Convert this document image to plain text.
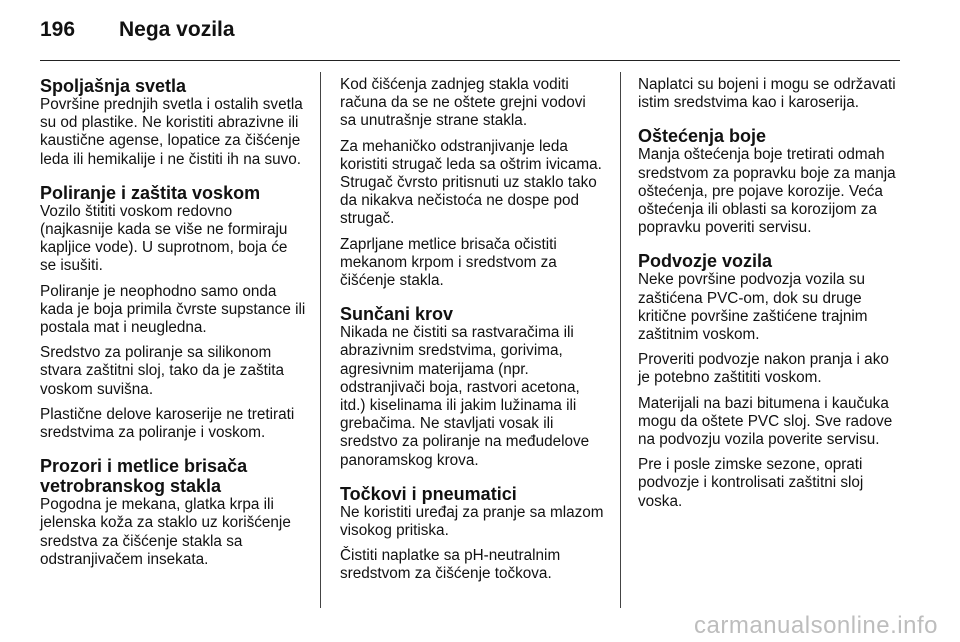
196 Nega vozila
Spoljašnja svetla

Površine prednjih svetla i ostalih svetla su od plastike. Ne koristiti abrazivne ili kaustične agense, lopatice za čišćenje leda ili hemikalije i ne čistiti ih na suvo.

Poliranje i zaštita voskom

Vozilo štititi voskom redovno (najkasnije kada se više ne formiraju kapljice vode). U suprotnom, boja će se isušiti.

Poliranje je neophodno samo onda kada je boja primila čvrste supstance ili postala mat i neugledna.

Sredstvo za poliranje sa silikonom stvara zaštitni sloj, tako da je zaštita voskom suvišna.

Plastične delove karoserije ne tretirati sredstvima za poliranje i voskom.

Prozori i metlice brisača vetrobranskog stakla

Pogodna je mekana, glatka krpa ili jelenska koža za staklo uz korišćenje sredstva za čišćenje stakla sa odstranjivačem insekata.

Kod čišćenja zadnjeg stakla voditi računa da se ne oštete grejni vodovi sa unutrašnje strane stakla.

Za mehaničko odstranjivanje leda koristiti strugač leda sa oštrim ivicama. Strugač čvrsto pritisnuti uz staklo tako da nikakva nečistoća ne dospe pod strugač.

Zaprljane metlice brisača očistiti mekanom krpom i sredstvom za čišćenje stakla.

Sunčani krov

Nikada ne čistiti sa rastvaračima ili abrazivnim sredstvima, gorivima, agresivnim materijama (npr. odstranjivači boja, rastvori acetona, itd.) kiselinama ili jakim lužinama ili grebačima. Ne stavljati vosak ili sredstvo za poliranje na međudelove panoramskog krova.

Točkovi i pneumatici

Ne koristiti uređaj za pranje sa mlazom visokog pritiska.

Čistiti naplatke sa pH-neutralnim sredstvom za čišćenje točkova.

Naplatci su bojeni i mogu se održavati istim sredstvima kao i karoserija.

Oštećenja boje

Manja oštećenja boje tretirati odmah sredstvom za popravku boje za manja oštećenja, pre pojave korozije. Veća oštećenja ili oblasti sa korozijom za popravku poveriti servisu.

Podvozje vozila

Neke površine podvozja vozila su zaštićena PVC-om, dok su druge kritične površine zaštićene trajnim zaštitnim voskom.

Proveriti podvozje nakon pranja i ako je potebno zaštititi voskom.

Materijali na bazi bitumena i kaučuka mogu da oštete PVC sloj. Sve radove na podvozju vozila poverite servisu.

Pre i posle zimske sezone, oprati podvozje i kontrolisati zaštitni sloj voska.

carmanualsonline.info
